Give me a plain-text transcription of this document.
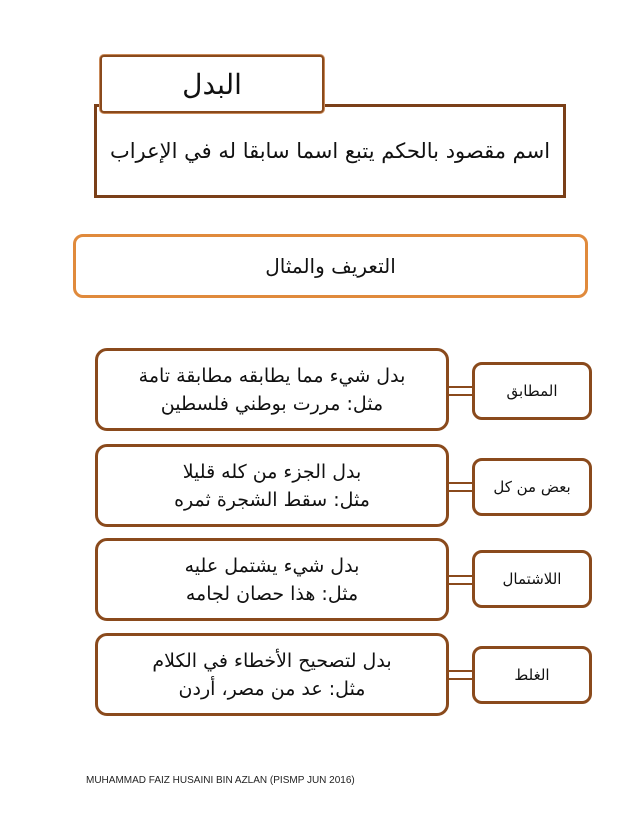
اسم مقصود بالحكم يتبع اسما سابقا له في الإعراب
البدل
التعريف والمثال
بدل شيء مما يطابقه مطابقة تامة
مثل: مررت بوطني فلسطين
المطابق
بدل الجزء من كله قليلا
مثل: سقط الشجرة ثمره
بعض من كل
بدل شيء يشتمل عليه
مثل: هذا حصان لجامه
اللاشتمال
بدل لتصحيح الأخطاء في الكلام
مثل: عد من مصر، أردن
الغلط
MUHAMMAD FAIZ HUSAINI BIN AZLAN (PISMP JUN 2016)
